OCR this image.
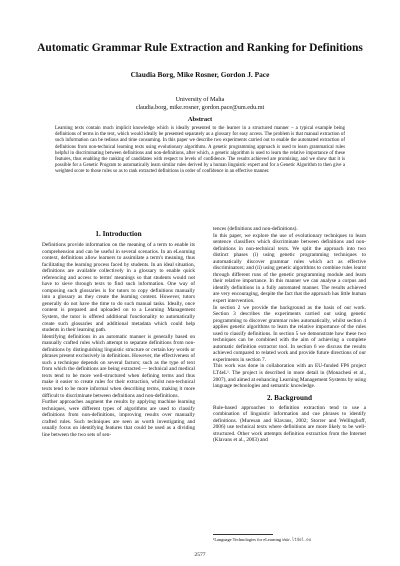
Automatic Grammar Rule Extraction and Ranking for Definitions
Claudia Borg, Mike Rosner, Gordon J. Pace
University of Malta
claudia.borg, mike.rosner, gordon.pace@um.edu.mt
Abstract
Learning texts contain much implicit knowledge which is ideally presented to the learner in a structured manner – a typical example being definitions of terms in the text, which would ideally be presented separately as a glossary for easy access. The problem is that manual extraction of such information can be tedious and time consuming. In this paper we describe two experiments carried out to enable the automated extraction of definitions from non-technical learning texts using evolutionary algorithms. A genetic programming approach is used to learn grammatical rules helpful in discriminating between definitions and non-definitions, after which, a genetic algorithm is used to learn the relative importance of these features, thus enabling the ranking of candidates with respect to levels of confidence. The results achieved are promising, and we show that it is possible for a Genetic Program to automatically learn similar rules derived by a human linguistic expert and for a Genetic Algorithm to then give a weighted score to those rules so as to rank extracted definitions in order of confidence in an effective manner.
1. Introduction

Definitions provide information on the meaning of a term to enable its comprehension and can be useful in several scenarios. In an eLearning context, definitions allow learners to assimilate a term's meaning, thus facilitating the learning process faced by students. In an ideal situation, definitions are available collectively in a glossary to enable quick referencing and access to terms' meanings so that students would not have to sieve through texts to find such information. One way of composing such glossaries is for tutors to copy definitions manually into a glossary as they create the learning content. However, tutors generally do not have the time to do such manual tasks. Ideally, once content is prepared and uploaded on to a Learning Management System, the tutor is offered additional functionality to automatically create such glossaries and additional metadata which could help students in their learning path.

Identifying definitions in an automatic manner is generally based on manually crafted rules which attempt to separate definitions from non-definitions by distinguishing linguistic structure or certain key words or phrases present exclusively in definitions. However, the effectiveness of such a technique depends on several factors; such as the type of text from which the definitions are being extracted — technical and medical texts tend to be more well-structured when defining terms and thus make it easier to create rules for their extraction, whilst non-technical texts tend to be more informal when describing terms, making it more difficult to discriminate between definitions and non-definitions.

Further approaches augment the results by applying machine learning techniques, were different types of algorithms are used to classify definitions from non-definitions, improving results over manually crafted rules. Such techniques are seen as worth investigating and usually focus on identifying features that could be used as a dividing line between the two sets of sen-

tences (definitions and non-definitions).

In this paper, we explore the use of evolutionary techniques to learn sentence classifiers which discriminate between definitions and non-definitions in non-technical texts. We split the approach into two distinct phases (i) using genetic programming techniques to automatically discover grammar rules which act as effective discriminators; and (ii) using genetic algorithms to combine rules learnt through different runs of the genetic programming module and learn their relative importance. In this manner we can analyse a corpus and identify definitions in a fully automated manner. The results achieved are very encouraging, despite the fact that the approach has little human expert intervention.

In section 2 we provide the background as the basis of our work. Section 3 describes the experiments carried out using genetic programming to discover grammar rules automatically, whilst section 4 applies genetic algorithms to learn the relative importance of the rules used to classify definitions. In section 5 we demonstrate how these two techniques can be combined with the aim of achieving a complete automatic definition extractor tool. In section 6 we discuss the results achieved compared to related work and provide future directions of our experiments in section 7.

This work was done in collaboration with an EU-funded FP6 project LT4eL¹. The project is described in more detail in (Monachesi et al., 2007), and aimed at enhancing Learning Management Systems by using language technologies and semantic knowledge.

2. Background

Rule-based approaches to definition extraction tend to use a combination of linguistic information and cue phrases to identify definitions. (Muresan and Klavans, 2002; Storrer and Wellinghoff, 2006) use technical texts where definitions are more likely to be well-structured. Other work attempts definition extraction from the Internet (Klavans et al., 2003) and

¹Language Technologies for eLearning www.lt4el.eu
2577
